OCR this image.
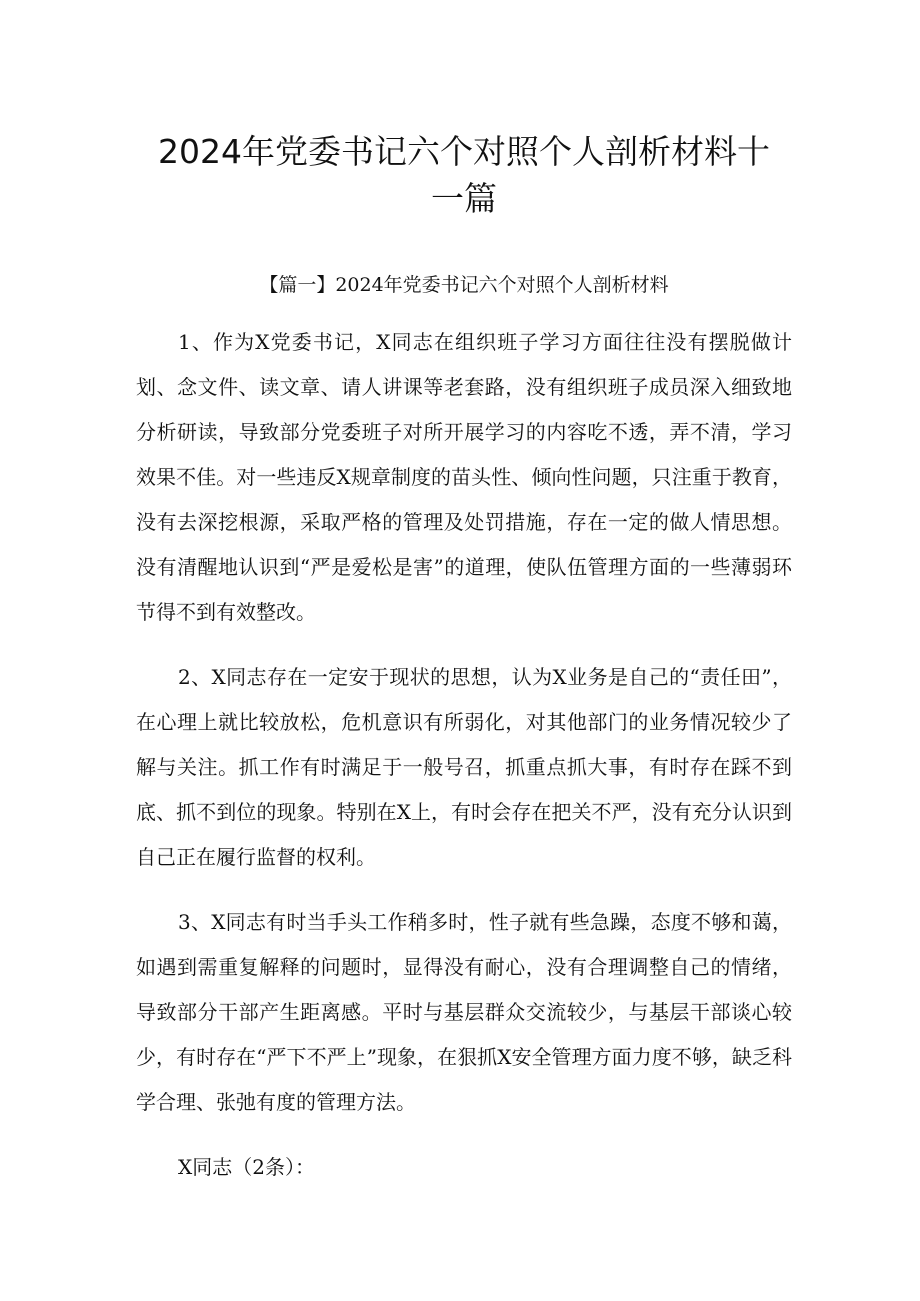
2024年党委书记六个对照个人剖析材料十
一篇
【篇一】2024年党委书记六个对照个人剖析材料

1、作为X党委书记，X同志在组织班子学习方面往往没有摆脱做计划、念文件、读文章、请人讲课等老套路，没有组织班子成员深入细致地分析研读，导致部分党委班子对所开展学习的内容吃不透，弄不清，学习效果不佳。对一些违反X规章制度的苗头性、倾向性问题，只注重于教育，没有去深挖根源，采取严格的管理及处罚措施，存在一定的做人情思想。没有清醒地认识到“严是爱松是害”的道理，使队伍管理方面的一些薄弱环节得不到有效整改。

2、X同志存在一定安于现状的思想，认为X业务是自己的“责任田”，在心理上就比较放松，危机意识有所弱化，对其他部门的业务情况较少了解与关注。抓工作有时满足于一般号召，抓重点抓大事，有时存在踩不到底、抓不到位的现象。特别在X上，有时会存在把关不严，没有充分认识到自己正在履行监督的权利。

3、X同志有时当手头工作稍多时，性子就有些急躁，态度不够和蔼，如遇到需重复解释的问题时，显得没有耐心，没有合理调整自己的情绪，导致部分干部产生距离感。平时与基层群众交流较少，与基层干部谈心较少，有时存在“严下不严上”现象，在狠抓X安全管理方面力度不够，缺乏科学合理、张弛有度的管理方法。

X同志（2条）：
